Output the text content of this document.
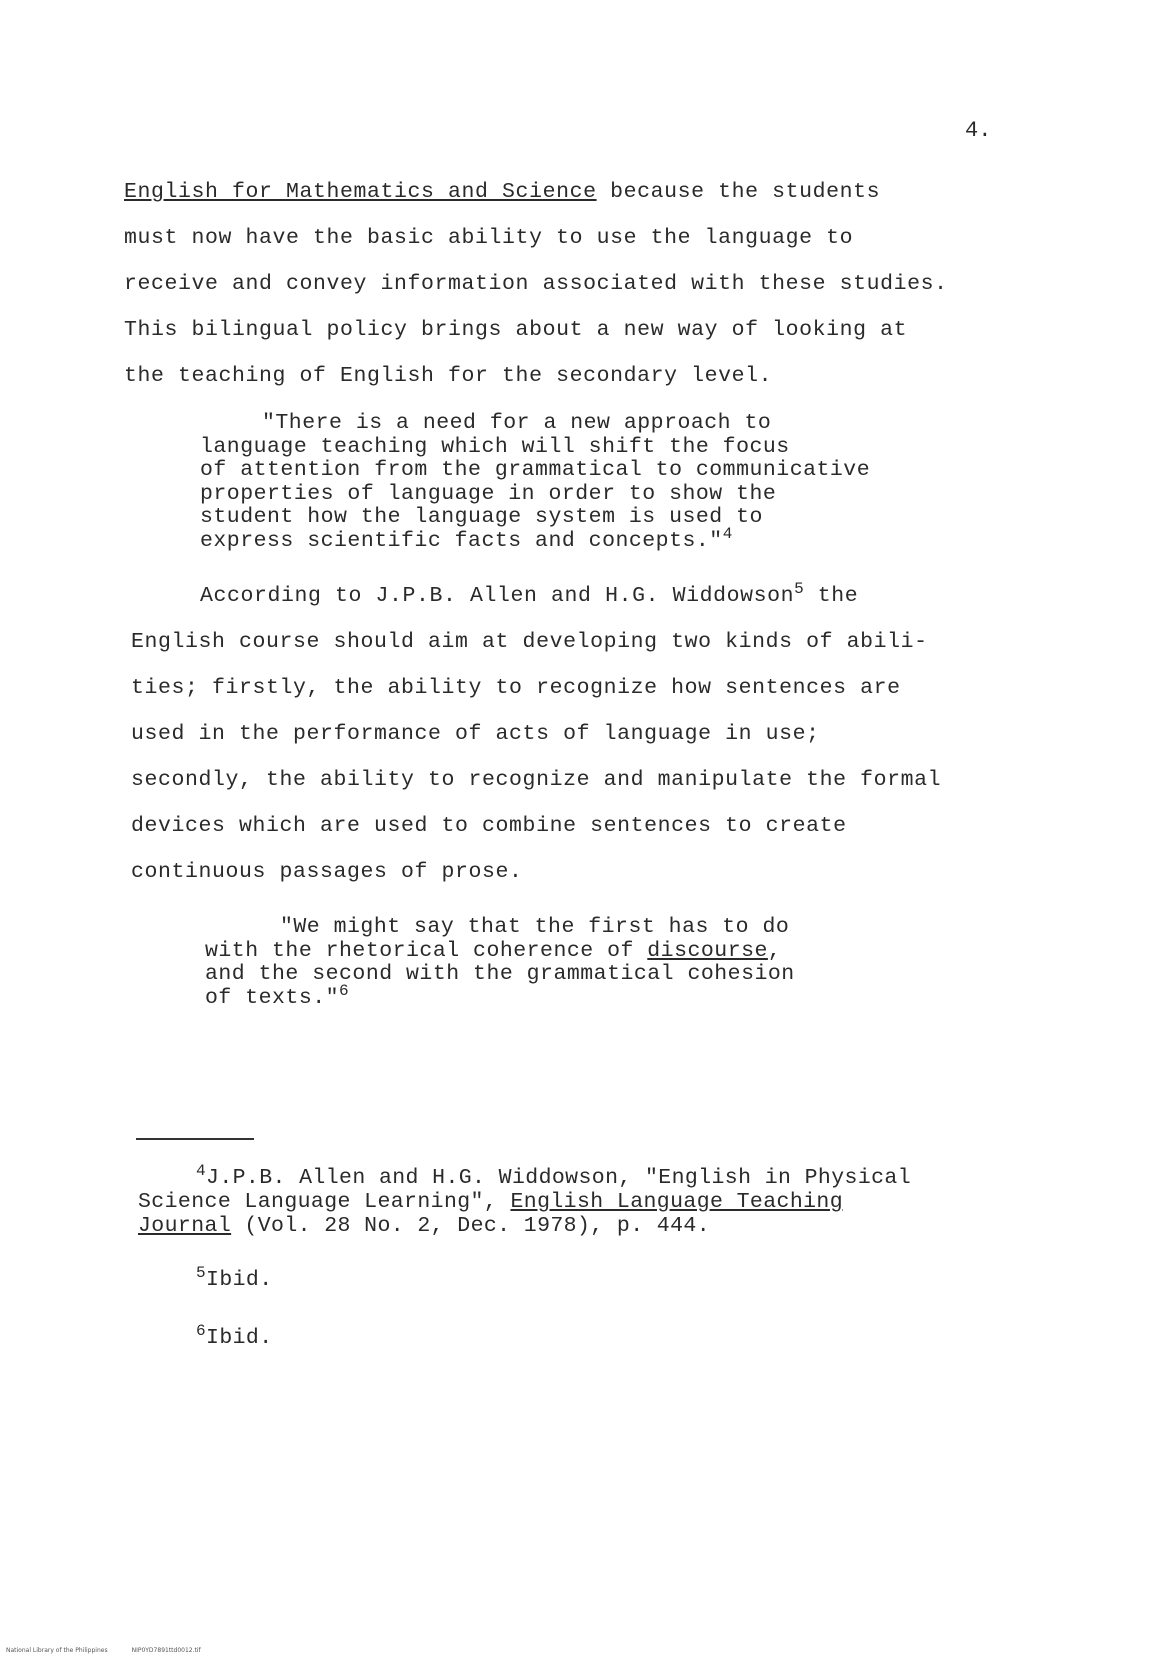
4.
English for Mathematics and Science because the students
must now have the basic ability to use the language to
receive and convey information associated with these studies.
This bilingual policy brings about a new way of looking at
the teaching of English for the secondary level.
"There is a need for a new approach to
language teaching which will shift the focus
of attention from the grammatical to communicative
properties of language in order to show the
student how the language system is used to
express scientific facts and concepts."$^4$
According to J.P.B. Allen and H.G. Widdowson$^5$ the
English course should aim at developing two kinds of abili-
ties; firstly, the ability to recognize how sentences are
used in the performance of acts of language in use;
secondly, the ability to recognize and manipulate the formal
devices which are used to combine sentences to create
continuous passages of prose.
"We might say that the first has to do
with the rhetorical coherence of discourse,
and the second with the grammatical cohesion
of texts."$^6$
$^4$J.P.B. Allen and H.G. Widdowson, "English in Physical
Science Language Learning", English Language Teaching
Journal (Vol. 28 No. 2, Dec. 1978), p. 444.
$^5$Ibid.
$^6$Ibid.
National Library of the Philippines	NIP0YD7891ttd0012.tif
